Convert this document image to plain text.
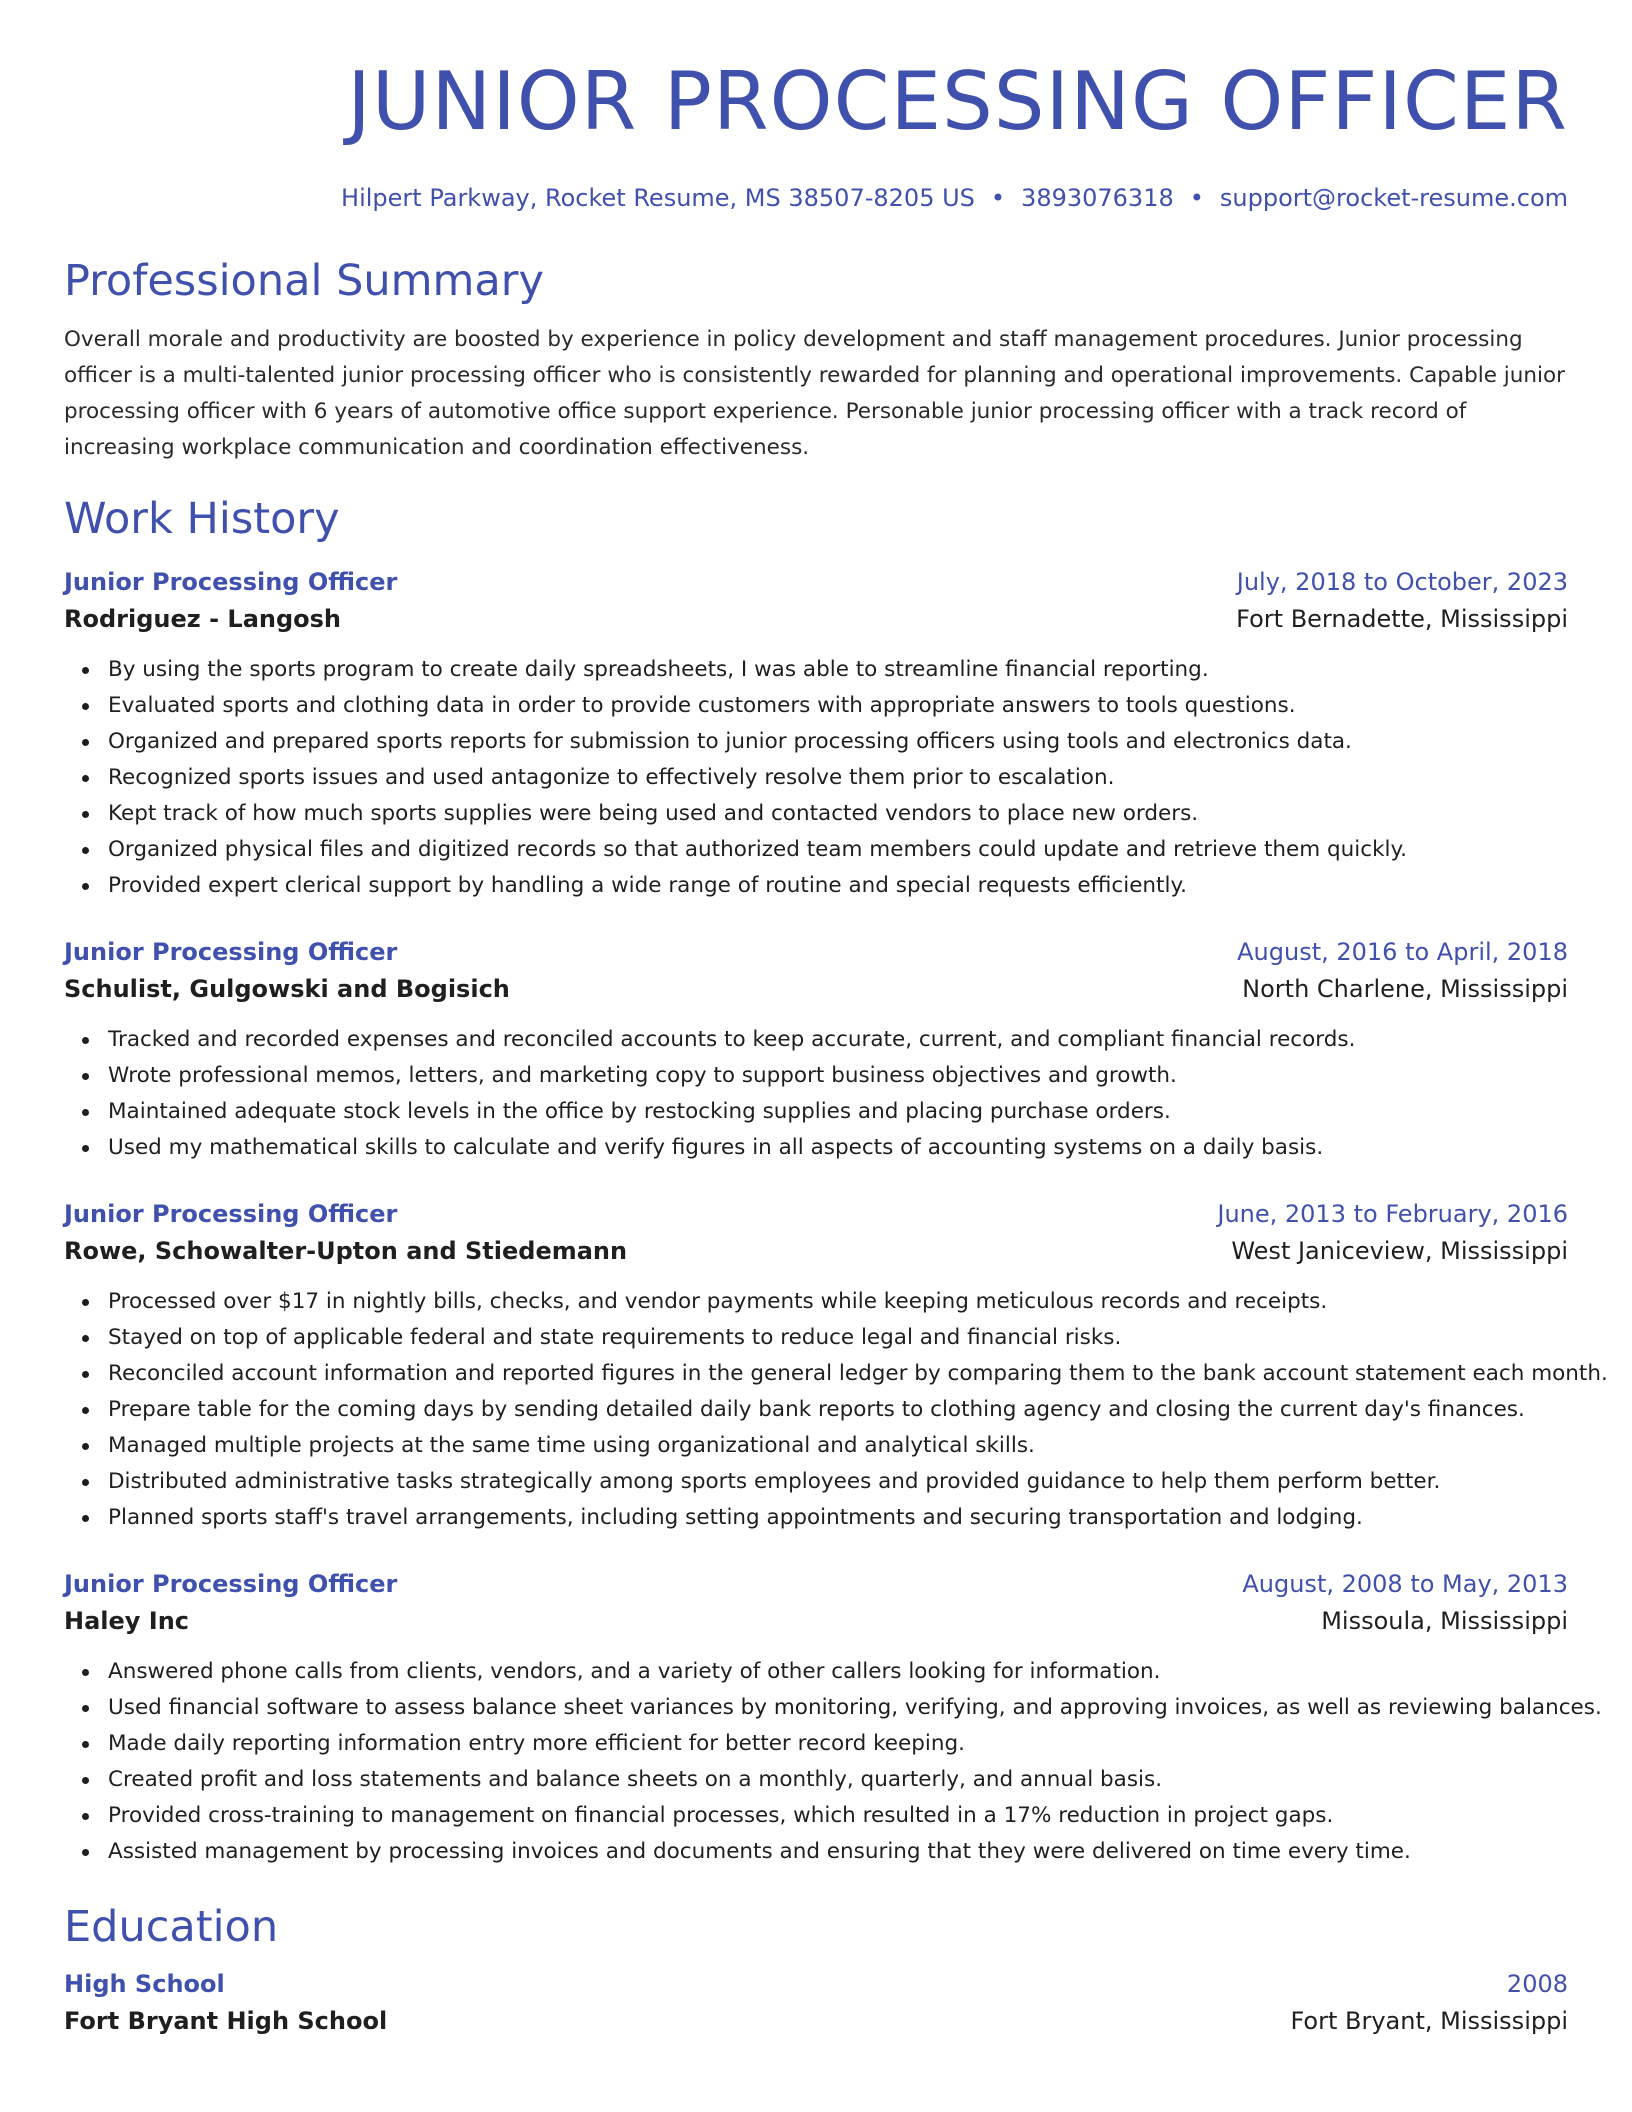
JUNIOR PROCESSING OFFICER
Hilpert Parkway, Rocket Resume, MS 38507-8205 US • 3893076318 • support@rocket-resume.com
Professional Summary

Overall morale and productivity are boosted by experience in policy development and staff management procedures. Junior processing officer is a multi-talented junior processing officer who is consistently rewarded for planning and operational improvements. Capable junior processing officer with 6 years of automotive office support experience. Personable junior processing officer with a track record of increasing workplace communication and coordination effectiveness.

Work History
Junior Processing Officer	July, 2018 to October, 2023
Rodriguez - Langosh	Fort Bernadette, Mississippi
By using the sports program to create daily spreadsheets, I was able to streamline financial reporting.
Evaluated sports and clothing data in order to provide customers with appropriate answers to tools questions.
Organized and prepared sports reports for submission to junior processing officers using tools and electronics data.
Recognized sports issues and used antagonize to effectively resolve them prior to escalation.
Kept track of how much sports supplies were being used and contacted vendors to place new orders.
Organized physical files and digitized records so that authorized team members could update and retrieve them quickly.
Provided expert clerical support by handling a wide range of routine and special requests efficiently.
Junior Processing Officer	August, 2016 to April, 2018
Schulist, Gulgowski and Bogisich	North Charlene, Mississippi
Tracked and recorded expenses and reconciled accounts to keep accurate, current, and compliant financial records.
Wrote professional memos, letters, and marketing copy to support business objectives and growth.
Maintained adequate stock levels in the office by restocking supplies and placing purchase orders.
Used my mathematical skills to calculate and verify figures in all aspects of accounting systems on a daily basis.
Junior Processing Officer	June, 2013 to February, 2016
Rowe, Schowalter-Upton and Stiedemann	West Janiceview, Mississippi
Processed over $17 in nightly bills, checks, and vendor payments while keeping meticulous records and receipts.
Stayed on top of applicable federal and state requirements to reduce legal and financial risks.
Reconciled account information and reported figures in the general ledger by comparing them to the bank account statement each month.
Prepare table for the coming days by sending detailed daily bank reports to clothing agency and closing the current day's finances.
Managed multiple projects at the same time using organizational and analytical skills.
Distributed administrative tasks strategically among sports employees and provided guidance to help them perform better.
Planned sports staff's travel arrangements, including setting appointments and securing transportation and lodging.
Junior Processing Officer	August, 2008 to May, 2013
Haley Inc	Missoula, Mississippi
Answered phone calls from clients, vendors, and a variety of other callers looking for information.
Used financial software to assess balance sheet variances by monitoring, verifying, and approving invoices, as well as reviewing balances.
Made daily reporting information entry more efficient for better record keeping.
Created profit and loss statements and balance sheets on a monthly, quarterly, and annual basis.
Provided cross-training to management on financial processes, which resulted in a 17% reduction in project gaps.
Assisted management by processing invoices and documents and ensuring that they were delivered on time every time.
Education
High School	2008
Fort Bryant High School	Fort Bryant, Mississippi
